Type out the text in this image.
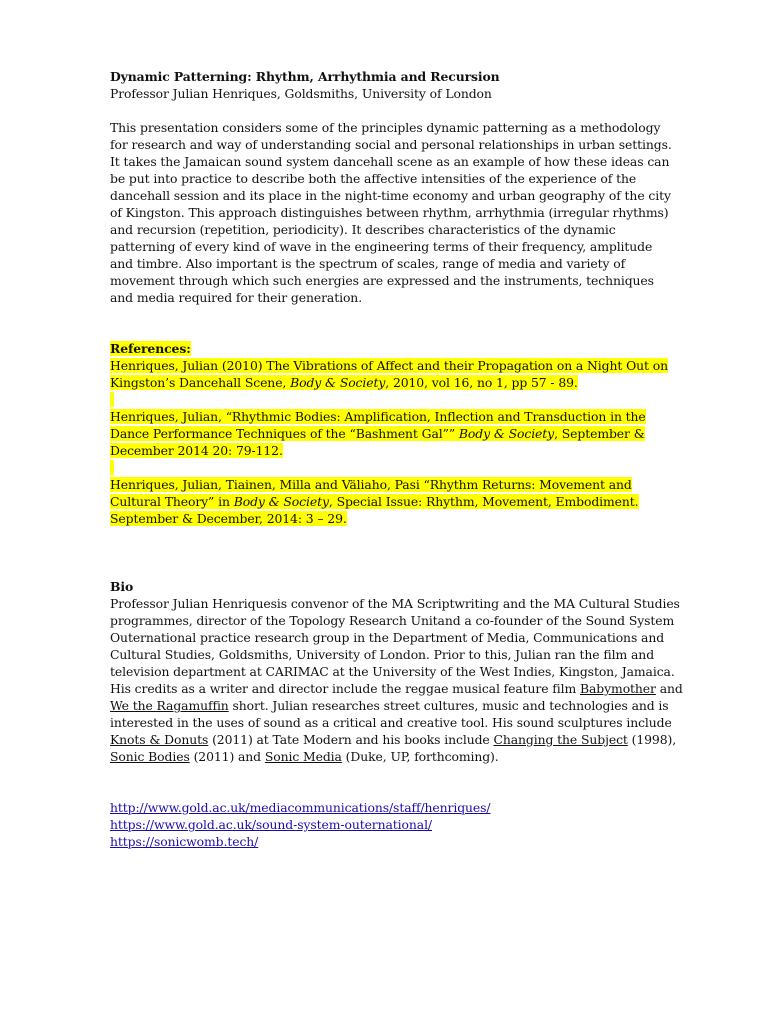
Dynamic Patterning: Rhythm, Arrhythmia and Recursion
Professor Julian Henriques, Goldsmiths, University of London
This presentation considers some of the principles dynamic patterning as a methodology
for research and way of understanding social and personal relationships in urban settings.
It takes the Jamaican sound system dancehall scene as an example of how these ideas can
be put into practice to describe both the affective intensities of the experience of the
dancehall session and its place in the night-time economy and urban geography of the city
of Kingston. This approach distinguishes between rhythm, arrhythmia (irregular rhythms)
and recursion (repetition, periodicity). It describes characteristics of the dynamic
patterning of every kind of wave in the engineering terms of their frequency, amplitude
and timbre. Also important is the spectrum of scales, range of media and variety of
movement through which such energies are expressed and the instruments, techniques
and media required for their generation.
References:
Henriques, Julian (2010) The Vibrations of Affect and their Propagation on a Night Out on
Kingston’s Dancehall Scene, Body & Society, 2010, vol 16, no 1, pp 57 - 89.

Henriques, Julian, “Rhythmic Bodies: Amplification, Inflection and Transduction in the
Dance Performance Techniques of the “Bashment Gal”” Body & Society, September &
December 2014 20: 79-112.

Henriques, Julian, Tiainen, Milla and Väliaho, Pasi “Rhythm Returns: Movement and
Cultural Theory” in Body & Society, Special Issue: Rhythm, Movement, Embodiment.
September & December, 2014: 3 – 29.
Bio
Professor Julian Henriquesis convenor of the MA Scriptwriting and the MA Cultural Studies
programmes, director of the Topology Research Unitand a co-founder of the Sound System
Outernational practice research group in the Department of Media, Communications and
Cultural Studies, Goldsmiths, University of London. Prior to this, Julian ran the film and
television department at CARIMAC at the University of the West Indies, Kingston, Jamaica.
His credits as a writer and director include the reggae musical feature film Babymother and
We the Ragamuffin short. Julian researches street cultures, music and technologies and is
interested in the uses of sound as a critical and creative tool. His sound sculptures include
Knots & Donuts (2011) at Tate Modern and his books include Changing the Subject (1998),
Sonic Bodies (2011) and Sonic Media (Duke, UP, forthcoming).
http://www.gold.ac.uk/mediacommunications/staff/henriques/
https://www.gold.ac.uk/sound-system-outernational/
https://sonicwomb.tech/
